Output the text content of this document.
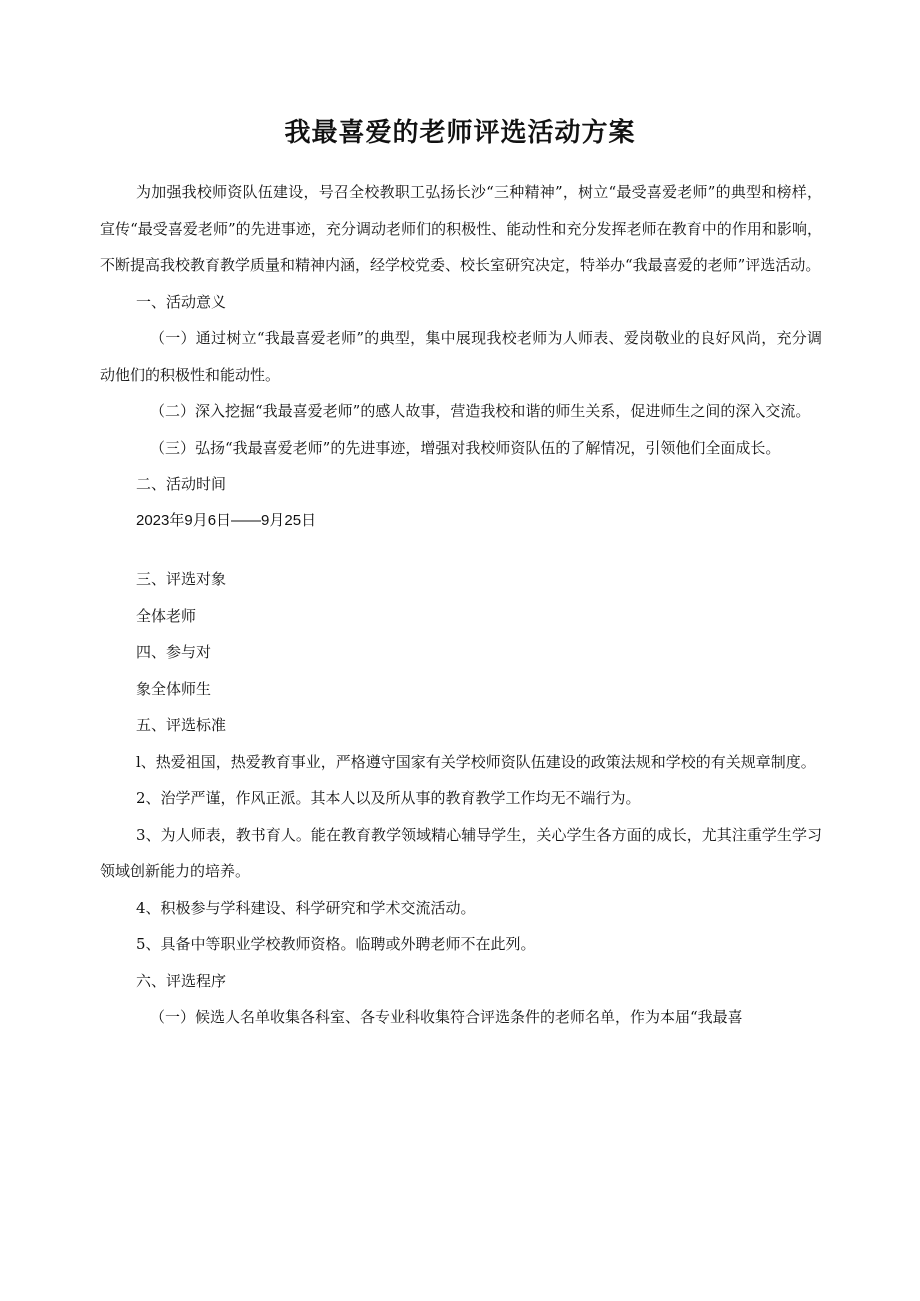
我最喜爱的老师评选活动方案

为加强我校师资队伍建设，号召全校教职工弘扬长沙“三种精神”，树立“最受喜爱老师”的典型和榜样，宣传“最受喜爱老师”的先进事迹，充分调动老师们的积极性、能动性和充分发挥老师在教育中的作用和影响，不断提高我校教育教学质量和精神内涵，经学校党委、校长室研究决定，特举办“我最喜爱的老师”评选活动。

一、活动意义

（一）通过树立“我最喜爱老师”的典型，集中展现我校老师为人师表、爱岗敬业的良好风尚，充分调动他们的积极性和能动性。

（二）深入挖掘“我最喜爱老师”的感人故事，营造我校和谐的师生关系，促进师生之间的深入交流。

（三）弘扬“我最喜爱老师”的先进事迹，增强对我校师资队伍的了解情况，引领他们全面成长。

二、活动时间

2023年9月6日——9月25日

三、评选对象

全体老师

四、参与对

象全体师生

五、评选标准

l、热爱祖国，热爱教育事业，严格遵守国家有关学校师资队伍建设的政策法规和学校的有关规章制度。

2、治学严谨，作风正派。其本人以及所从事的教育教学工作均无不端行为。

3、为人师表，教书育人。能在教育教学领域精心辅导学生，关心学生各方面的成长，尤其注重学生学习领域创新能力的培养。

4、积极参与学科建设、科学研究和学术交流活动。

5、具备中等职业学校教师资格。临聘或外聘老师不在此列。

六、评选程序

（一）候选人名单收集各科室、各专业科收集符合评选条件的老师名单，作为本届“我最喜
